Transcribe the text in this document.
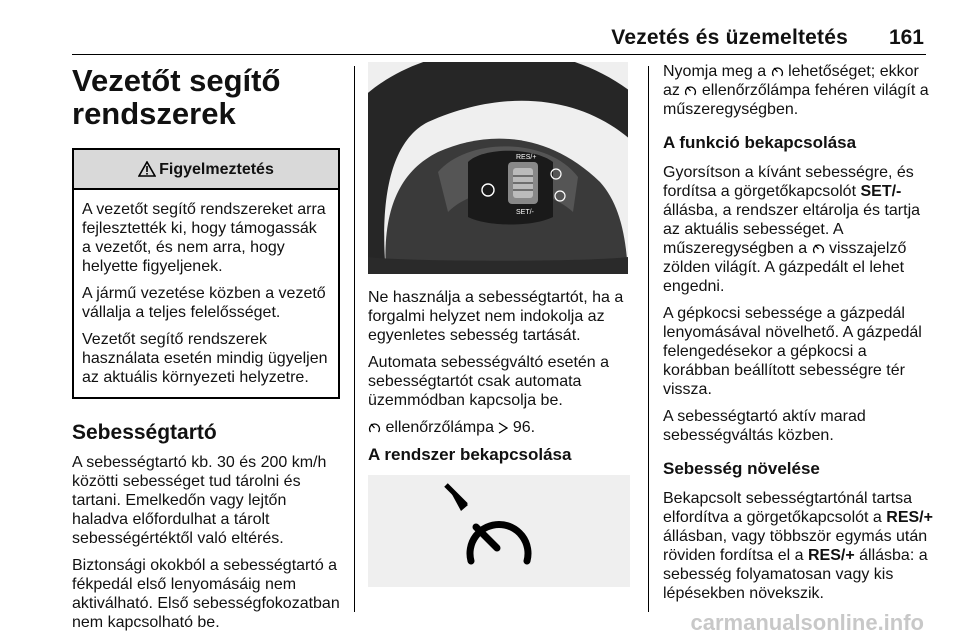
Vezetés és üzemeltetés 161
Vezetőt segítő rendszerek
Figyelmeztetés

A vezetőt segítő rendszereket arra fejlesztették ki, hogy támogassák a vezetőt, és nem arra, hogy helyette figyeljenek.

A jármű vezetése közben a vezető vállalja a teljes felelősséget.

Vezetőt segítő rendszerek használata esetén mindig ügyeljen az aktuális környezeti helyzetre.

Sebességtartó

A sebességtartó kb. 30 és 200 km/h közötti sebességet tud tárolni és tartani. Emelkedőn vagy lejtőn haladva előfordulhat a tárolt sebességértéktől való eltérés.

Biztonsági okokból a sebességtartó a fékpedál első lenyomásáig nem aktiválható. Első sebességfokozatban nem kapcsolható be.

RES/+
SET/-

Ne használja a sebességtartót, ha a forgalmi helyzet nem indokolja az egyenletes sebesség tartását.

Automata sebességváltó esetén a sebességtartót csak automata üzemmódban kapcsolja be.

ellenőrzőlámpa 96.

A rendszer bekapcsolása

Nyomja meg a lehetőséget; ekkor az ellenőrzőlámpa fehéren világít a műszeregységben.

A funkció bekapcsolása

Gyorsítson a kívánt sebességre, és fordítsa a görgetőkapcsolót SET/- állásba, a rendszer eltárolja és tartja az aktuális sebességet. A műszeregységben a visszajelző zölden világít. A gázpedált el lehet engedni.

A gépkocsi sebessége a gázpedál lenyomásával növelhető. A gázpedál felengedésekor a gépkocsi a korábban beállított sebességre tér vissza.

A sebességtartó aktív marad sebességváltás közben.

Sebesség növelése

Bekapcsolt sebességtartónál tartsa elfordítva a görgetőkapcsolót a RES/+ állásban, vagy többször egymás után röviden fordítsa el a RES/+ állásba: a sebesség folyamatosan vagy kis lépésekben növekszik.

carmanualsonline.info
